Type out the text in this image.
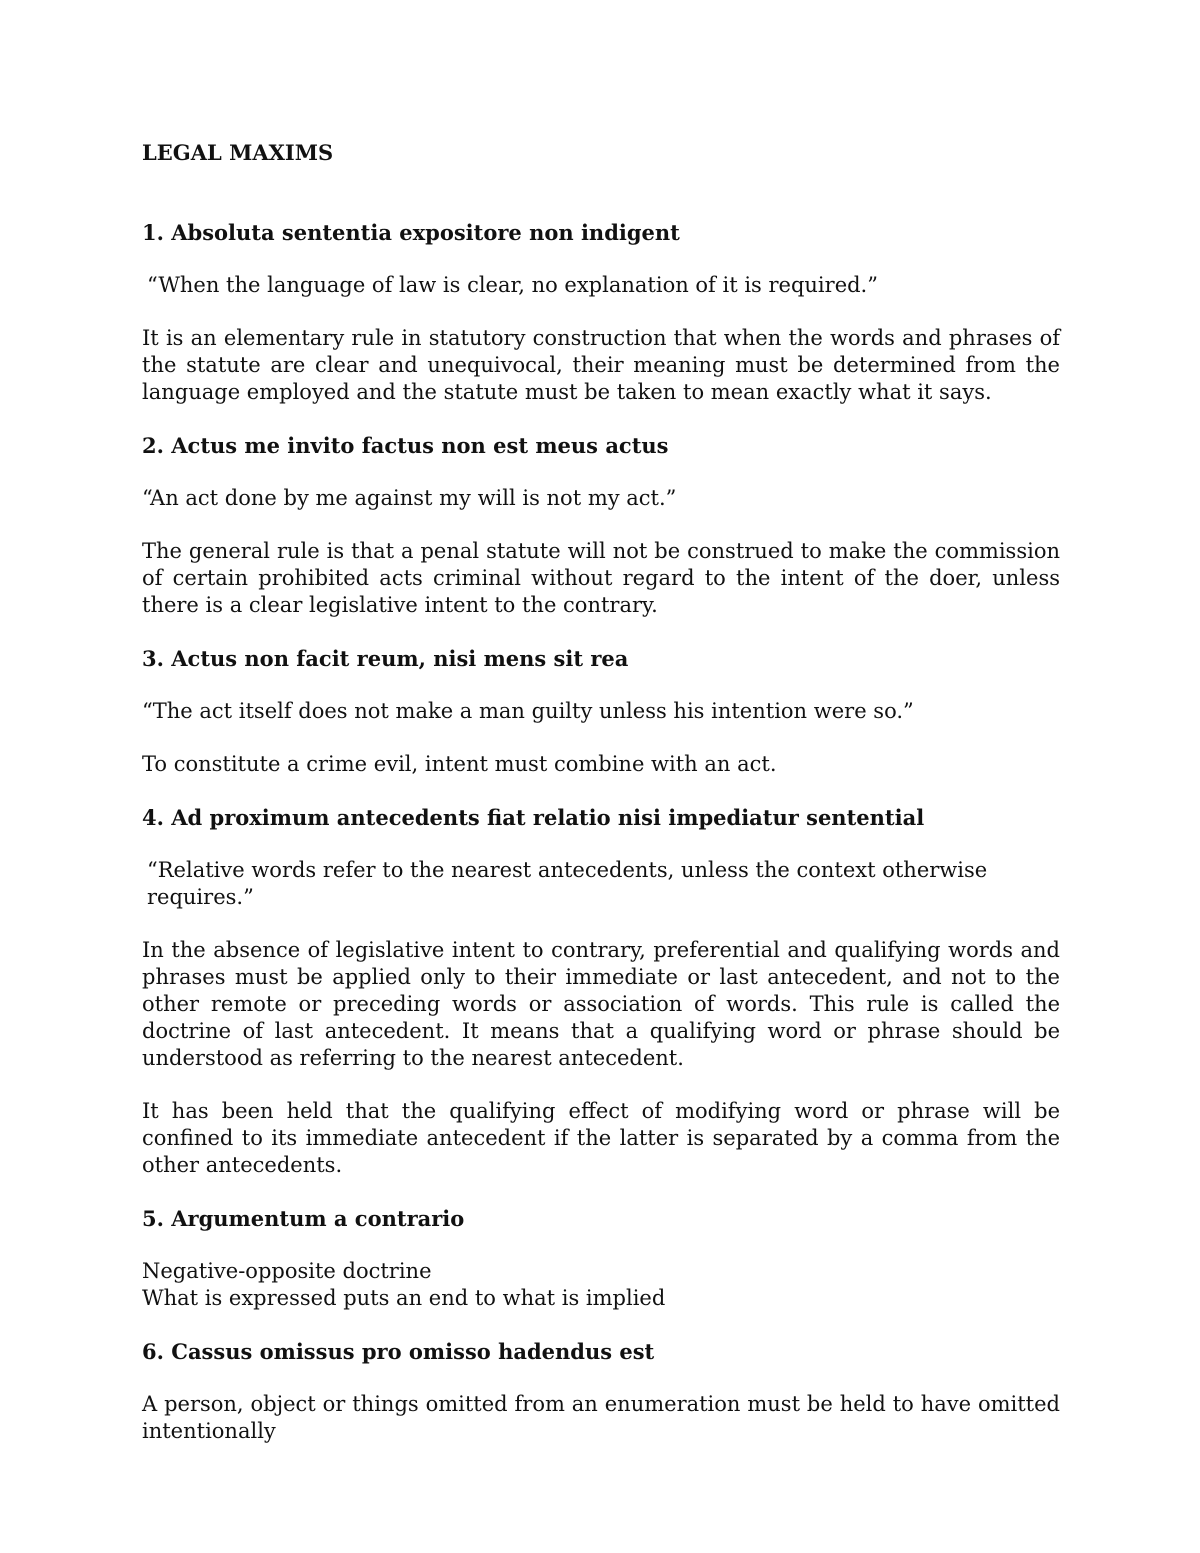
LEGAL MAXIMS
1. Absoluta sententia expositore non indigent

“When the language of law is clear, no explanation of it is required.”

It is an elementary rule in statutory construction that when the words and phrases of the statute are clear and unequivocal, their meaning must be determined from the language employed and the statute must be taken to mean exactly what it says.

2. Actus me invito factus non est meus actus

“An act done by me against my will is not my act.”

The general rule is that a penal statute will not be construed to make the commission of certain prohibited acts criminal without regard to the intent of the doer, unless there is a clear legislative intent to the contrary.

3. Actus non facit reum, nisi mens sit rea

“The act itself does not make a man guilty unless his intention were so.”

To constitute a crime evil, intent must combine with an act.

4. Ad proximum antecedents fiat relatio nisi impediatur sentential

“Relative words refer to the nearest antecedents, unless the context otherwise requires.”

In the absence of legislative intent to contrary, preferential and qualifying words and phrases must be applied only to their immediate or last antecedent, and not to the other remote or preceding words or association of words. This rule is called the doctrine of last antecedent. It means that a qualifying word or phrase should be understood as referring to the nearest antecedent.

It has been held that the qualifying effect of modifying word or phrase will be confined to its immediate antecedent if the latter is separated by a comma from the other antecedents.

5. Argumentum a contrario
Negative-opposite doctrine
What is expressed puts an end to what is implied
6. Cassus omissus pro omisso hadendus est

A person, object or things omitted from an enumeration must be held to have omitted intentionally
